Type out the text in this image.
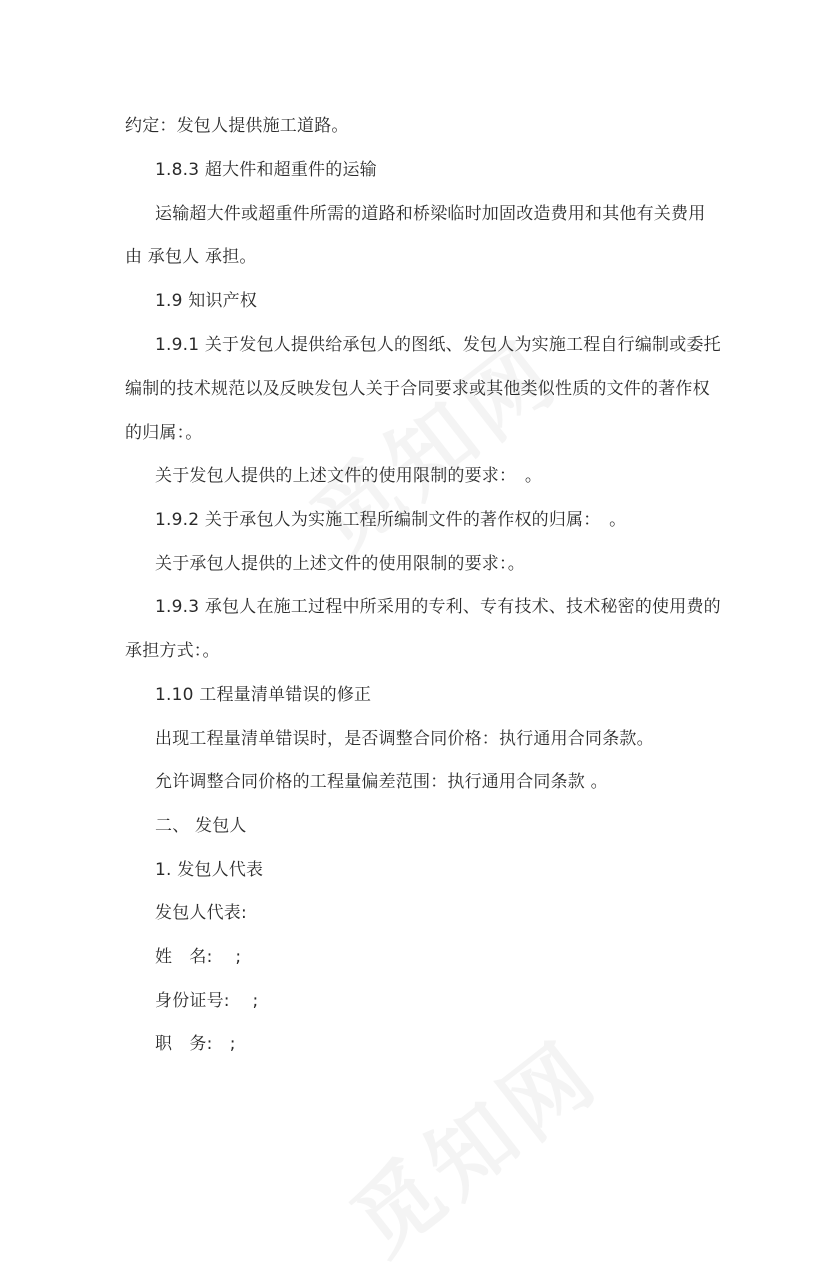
约定：发包人提供施工道路。
1.8.3 超大件和超重件的运输
运输超大件或超重件所需的道路和桥梁临时加固改造费用和其他有关费用
由 承包人 承担。
1.9 知识产权
1.9.1 关于发包人提供给承包人的图纸、发包人为实施工程自行编制或委托
编制的技术规范以及反映发包人关于合同要求或其他类似性质的文件的著作权
的归属：。
关于发包人提供的上述文件的使用限制的要求：　。
1.9.2 关于承包人为实施工程所编制文件的著作权的归属：　。
关于承包人提供的上述文件的使用限制的要求：。
1.9.3 承包人在施工过程中所采用的专利、专有技术、技术秘密的使用费的
承担方式：。
1.10 工程量清单错误的修正
出现工程量清单错误时，是否调整合同价格：执行通用合同条款。
允许调整合同价格的工程量偏差范围：执行通用合同条款 。
二、 发包人
1. 发包人代表
发包人代表:
姓　名:　 ;
身份证号:　 ;
职　务:　;
